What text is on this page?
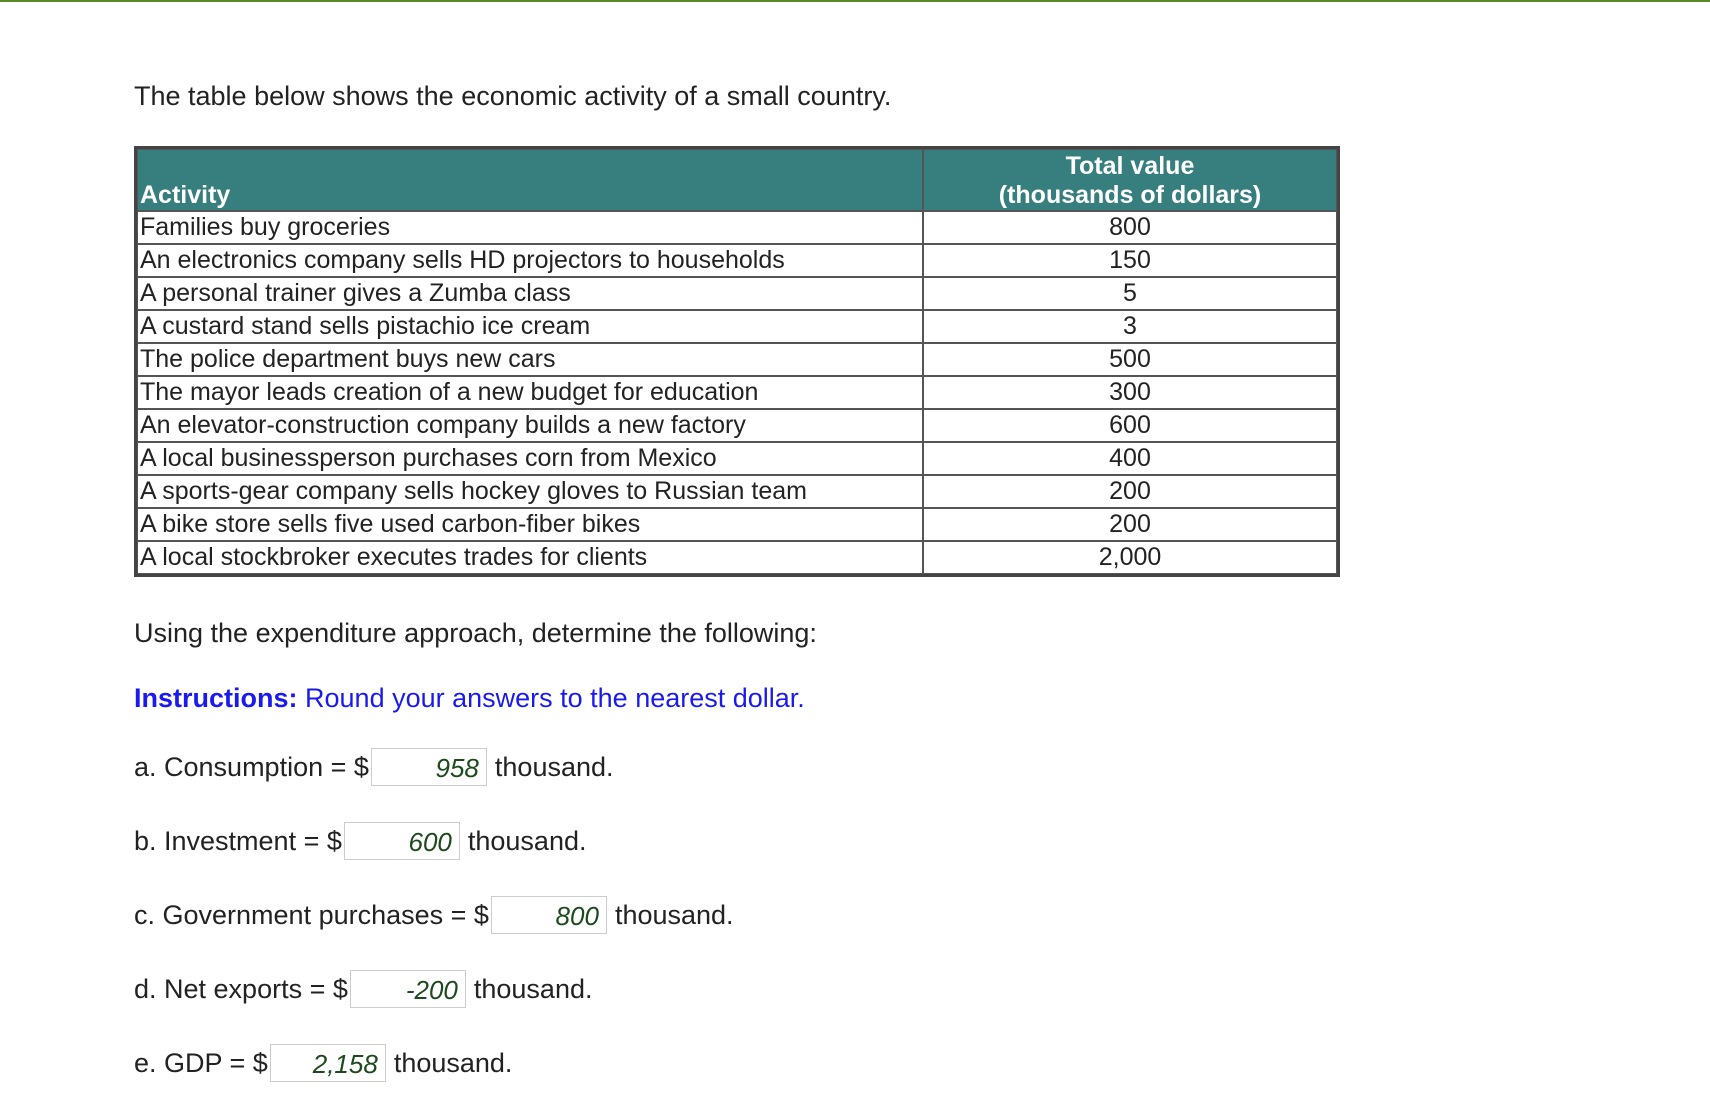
The table below shows the economic activity of a small country.
Activity	Total value
(thousands of dollars)

Families buy groceries	800
An electronics company sells HD projectors to households	150
A personal trainer gives a Zumba class	5
A custard stand sells pistachio ice cream	3
The police department buys new cars	500
The mayor leads creation of a new budget for education	300
An elevator-construction company builds a new factory	600
A local businessperson purchases corn from Mexico	400
A sports-gear company sells hockey gloves to Russian team	200
A bike store sells five used carbon-fiber bikes	200
A local stockbroker executes trades for clients	2,000
Using the expenditure approach, determine the following:
Instructions: Round your answers to the nearest dollar.
a. Consumption = $	958 thousand.
b. Investment = $	600 thousand.
c. Government purchases = $	800 thousand.
d. Net exports = $	-200 thousand.
e. GDP = $	2,158 thousand.
